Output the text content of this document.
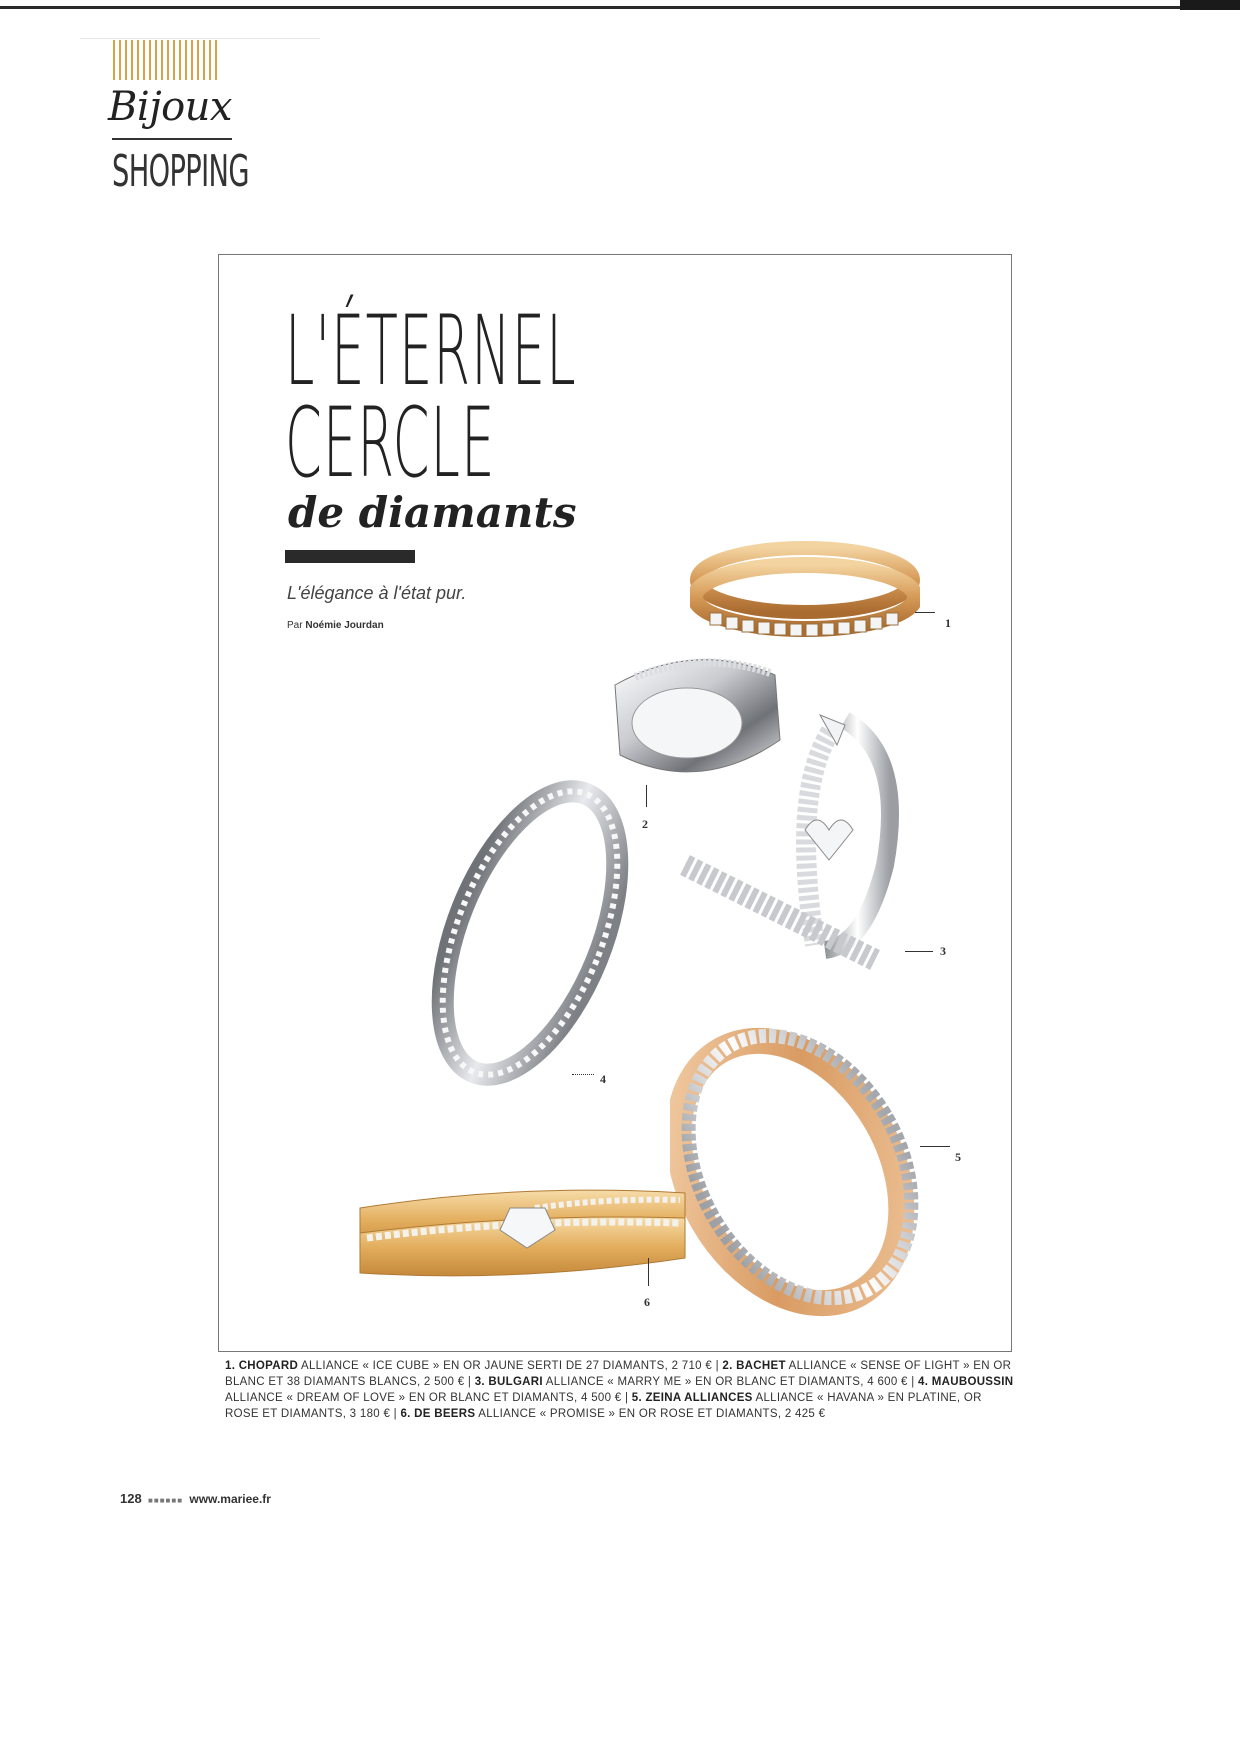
Bijoux
SHOPPING
L'ÉTERNEL
CERCLE
de diamants
L'élégance à l'état pur.
Par Noémie Jourdan	1
2
3
4
5
6
1. CHOPARD ALLIANCE « ICE CUBE » EN OR JAUNE SERTI DE 27 DIAMANTS, 2 710 € | 2. BACHET ALLIANCE « SENSE OF LIGHT » EN OR BLANC ET 38 DIAMANTS BLANCS, 2 500 € | 3. BULGARI ALLIANCE « MARRY ME » EN OR BLANC ET DIAMANTS, 4 600 € | 4. MAUBOUSSIN ALLIANCE « DREAM OF LOVE » EN OR BLANC ET DIAMANTS, 4 500 € | 5. ZEINA ALLIANCES ALLIANCE « HAVANA » EN PLATINE, OR ROSE ET DIAMANTS, 3 180 € | 6. DE BEERS ALLIANCE « PROMISE » EN OR ROSE ET DIAMANTS, 2 425 €
128 ■■■■■■ www.mariee.fr
